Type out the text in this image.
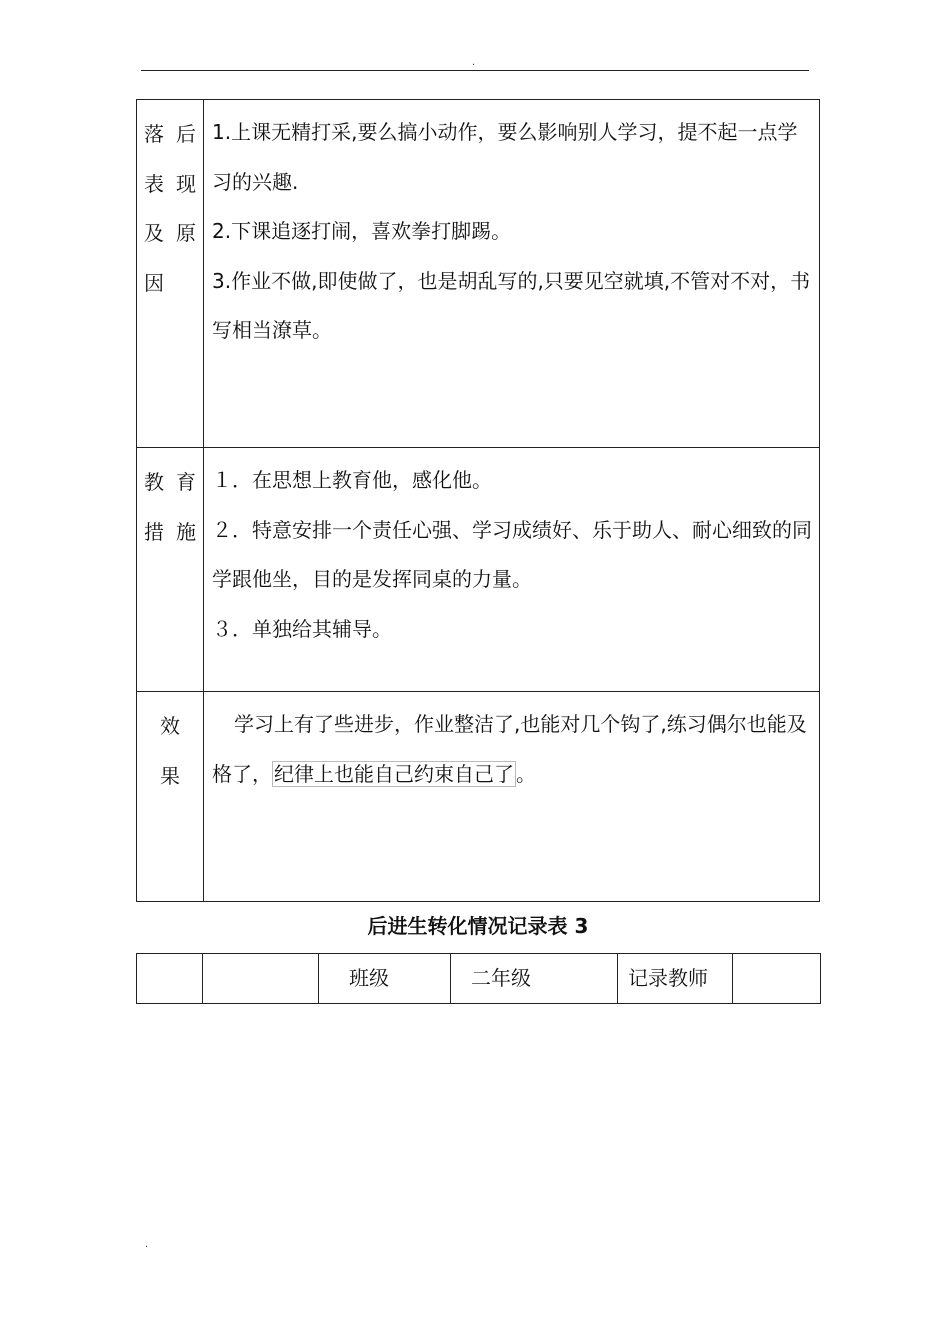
.
落后表现及原因	1.上课无精打采,要么搞小动作，要么影响别人学习，提不起一点学习的兴趣.
2.下课追逐打闹，喜欢拳打脚踢。
3.作业不做,即使做了，也是胡乱写的,只要见空就填,不管对不对，书写相当潦草。

教育措施	１．在思想上教育他，感化他。
２．特意安排一个责任心强、学习成绩好、乐于助人、耐心细致的同学跟他坐，目的是发挥同桌的力量。
３．单独给其辅导。

效果	学习上有了些进步，作业整洁了,也能对几个钩了,练习偶尔也能及格了， 纪律上也能自己约束自己了 。
后进生转化情况记录表 3
		班级	二年级	记录教师	
.
